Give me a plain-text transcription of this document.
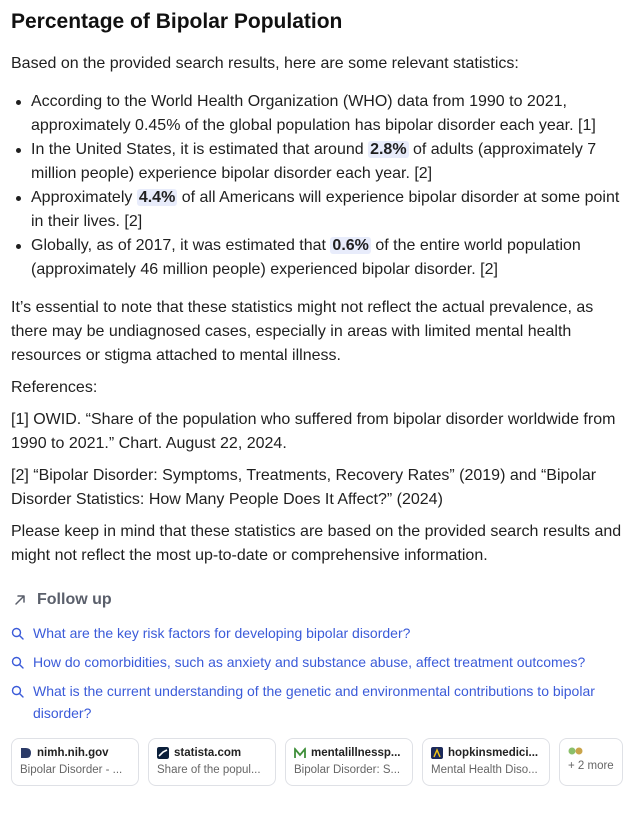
Percentage of Bipolar Population

Based on the provided search results, here are some relevant statistics:

According to the World Health Organization (WHO) data from 1990 to 2021, approximately 0.45% of the global population has bipolar disorder each year. [1]
In the United States, it is estimated that around 2.8% of adults (approximately 7 million people) experience bipolar disorder each year. [2]
Approximately 4.4% of all Americans will experience bipolar disorder at some point in their lives. [2]
Globally, as of 2017, it was estimated that 0.6% of the entire world population (approximately 46 million people) experienced bipolar disorder. [2]

It’s essential to note that these statistics might not reflect the actual prevalence, as there may be undiagnosed cases, especially in areas with limited mental health resources or stigma attached to mental illness.

References:

[1] OWID. “Share of the population who suffered from bipolar disorder worldwide from 1990 to 2021.” Chart. August 22, 2024.

[2] “Bipolar Disorder: Symptoms, Treatments, Recovery Rates” (2019) and “Bipolar Disorder Statistics: How Many People Does It Affect?” (2024)

Please keep in mind that these statistics are based on the provided search results and might not reflect the most up-to-date or comprehensive information.

Follow up
What are the key risk factors for developing bipolar disorder?
How do comorbidities, such as anxiety and substance abuse, affect treatment outcomes?
What is the current understanding of the genetic and environmental contributions to bipolar disorder?
nimh.nih.gov
Bipolar Disorder - ...
statista.com
Share of the popul...
mentalillnessp...
Bipolar Disorder: S...
hopkinsmedici...
Mental Health Diso...	+ 2 more
